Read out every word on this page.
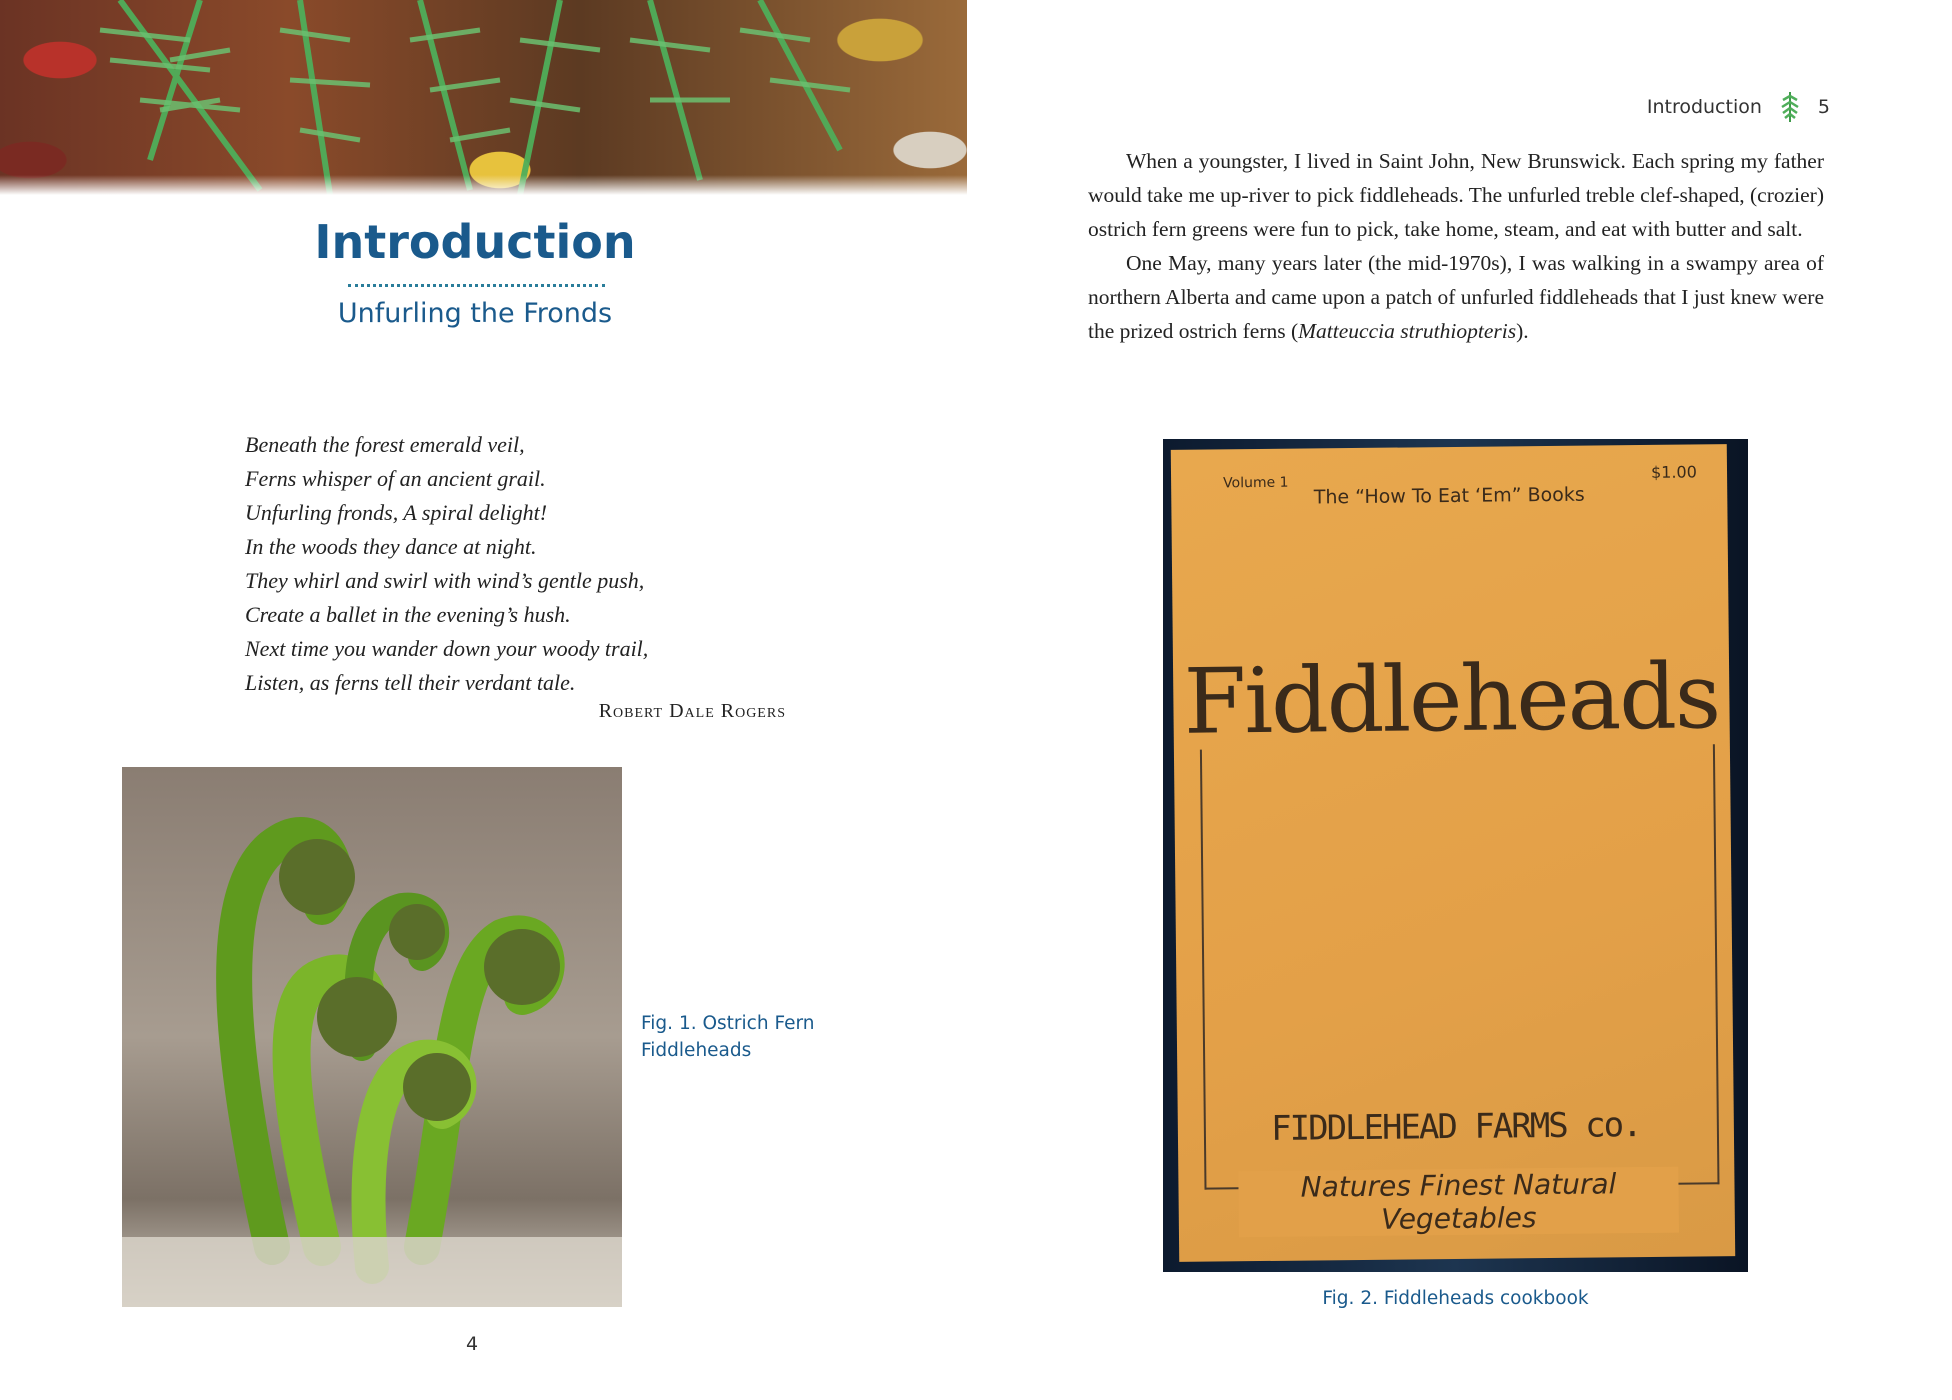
Introduction
Unfurling the Fronds
Beneath the forest emerald veil,
Ferns whisper of an ancient grail.
Unfurling fronds, A spiral delight!
In the woods they dance at night.
They whirl and swirl with wind’s gentle push,
Create a ballet in the evening’s hush.
Next time you wander down your woody trail,
Listen, as ferns tell their verdant tale.
Robert Dale Rogers
Fig. 1. Ostrich Fern
Fiddleheads
4
Introduction	5

When a youngster, I lived in Saint John, New Brunswick. Each spring my father would take me up-river to pick fiddleheads. The unfurled treble clef-shaped, (crozier) ostrich fern greens were fun to pick, take home, steam, and eat with butter and salt.

One May, many years later (the mid-1970s), I was walking in a swampy area of northern Alberta and came upon a patch of unfurled fiddleheads that I just knew were the prized ostrich ferns (Matteuccia struthiopteris).

Volume 1
$1.00
The “How To Eat ‘Em” Books
Fiddleheads
FIDDLEHEAD FARMS co.
Natures Finest Natural Vegetables
Fig. 2. Fiddleheads cookbook
